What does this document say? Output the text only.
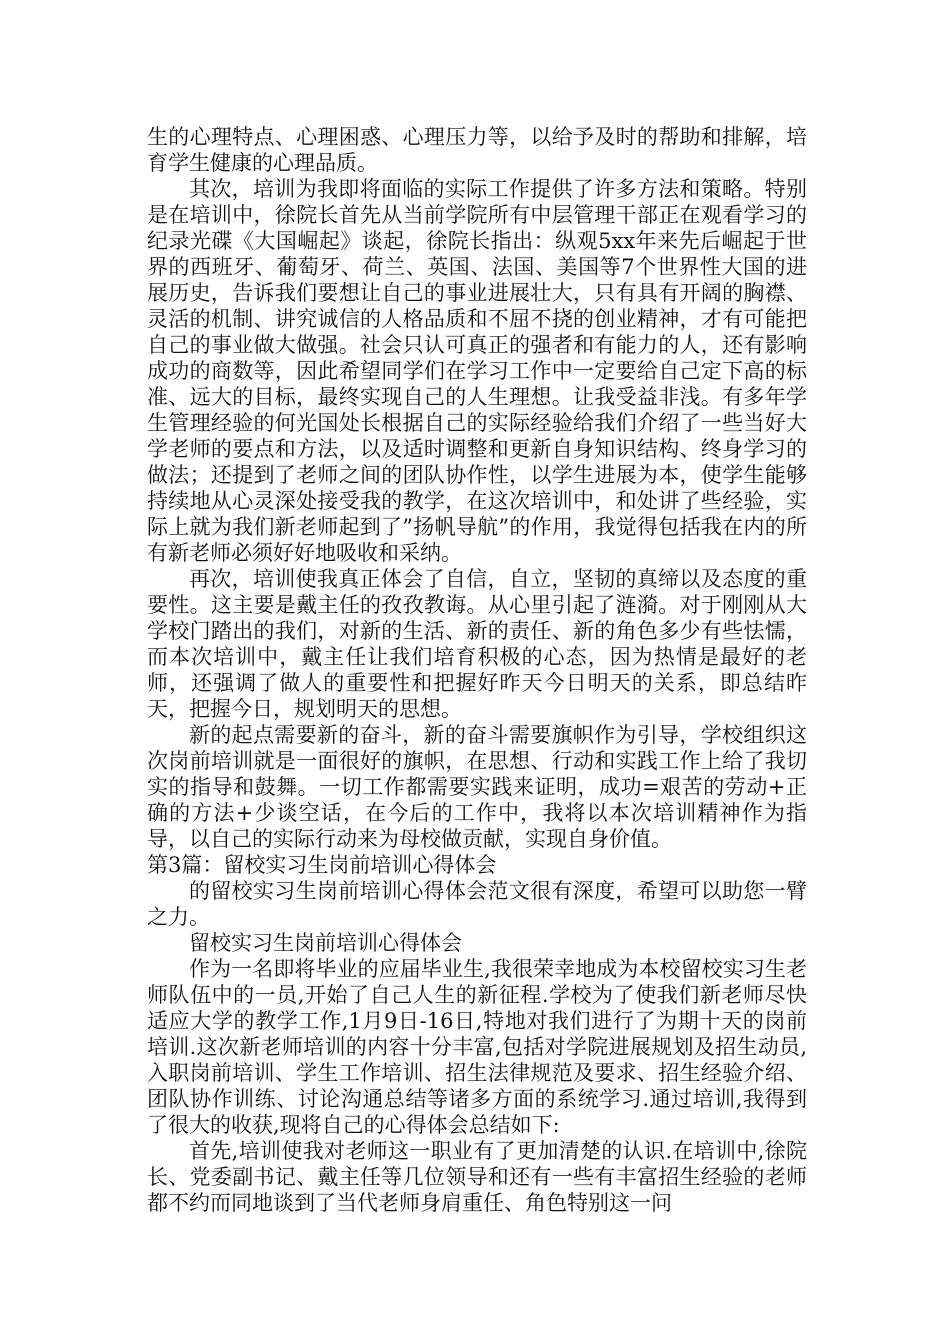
生的心理特点、心理困惑、心理压力等，以给予及时的帮助和排解，培育学生健康的心理品质。

其次，培训为我即将面临的实际工作提供了许多方法和策略。特别是在培训中，徐院长首先从当前学院所有中层管理干部正在观看学习的纪录光碟《大国崛起》谈起，徐院长指出：纵观5xx年来先后崛起于世界的西班牙、葡萄牙、荷兰、英国、法国、美国等7个世界性大国的进展历史，告诉我们要想让自己的事业进展壮大，只有具有开阔的胸襟、灵活的机制、讲究诚信的人格品质和不屈不挠的创业精神，才有可能把自己的事业做大做强。社会只认可真正的强者和有能力的人，还有影响成功的商数等，因此希望同学们在学习工作中一定要给自己定下高的标准、远大的目标，最终实现自己的人生理想。让我受益非浅。有多年学生管理经验的何光国处长根据自己的实际经验给我们介绍了一些当好大学老师的要点和方法，以及适时调整和更新自身知识结构、终身学习的做法；还提到了老师之间的团队协作性，以学生进展为本，使学生能够持续地从心灵深处接受我的教学，在这次培训中，和处讲了些经验，实际上就为我们新老师起到了”扬帆导航”的作用，我觉得包括我在内的所有新老师必须好好地吸收和采纳。

再次，培训使我真正体会了自信，自立，坚韧的真缔以及态度的重要性。这主要是戴主任的孜孜教诲。从心里引起了涟漪。对于刚刚从大学校门踏出的我们，对新的生活、新的责任、新的角色多少有些怯懦，而本次培训中，戴主任让我们培育积极的心态，因为热情是最好的老师，还强调了做人的重要性和把握好昨天今日明天的关系，即总结昨天，把握今日，规划明天的思想。

新的起点需要新的奋斗，新的奋斗需要旗帜作为引导，学校组织这次岗前培训就是一面很好的旗帜，在思想、行动和实践工作上给了我切实的指导和鼓舞。一切工作都需要实践来证明，成功=艰苦的劳动+正确的方法+少谈空话，在今后的工作中，我将以本次培训精神作为指导，以自己的实际行动来为母校做贡献，实现自身价值。

第3篇：留校实习生岗前培训心得体会

的留校实习生岗前培训心得体会范文很有深度，希望可以助您一臂之力。

留校实习生岗前培训心得体会

作为一名即将毕业的应届毕业生,我很荣幸地成为本校留校实习生老师队伍中的一员,开始了自己人生的新征程.学校为了使我们新老师尽快适应大学的教学工作,1月9日-16日,特地对我们进行了为期十天的岗前培训.这次新老师培训的内容十分丰富,包括对学院进展规划及招生动员,入职岗前培训、学生工作培训、招生法律规范及要求、招生经验介绍、团队协作训练、讨论沟通总结等诸多方面的系统学习.通过培训,我得到了很大的收获,现将自己的心得体会总结如下:

首先,培训使我对老师这一职业有了更加清楚的认识.在培训中,徐院长、党委副书记、戴主任等几位领导和还有一些有丰富招生经验的老师都不约而同地谈到了当代老师身肩重任、角色特别这一问
